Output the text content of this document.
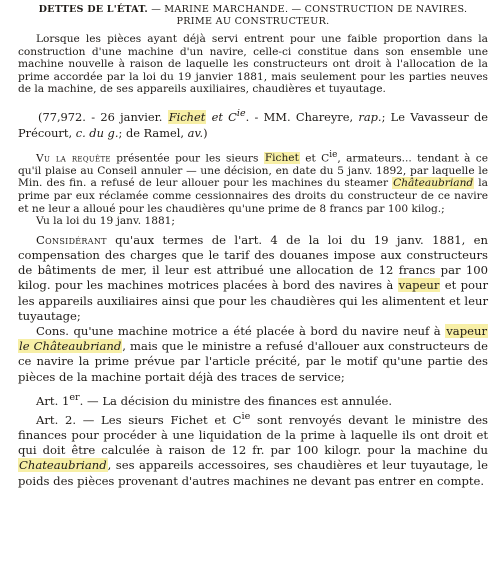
DETTES DE L'ÉTAT. — MARINE MARCHANDE. — CONSTRUCTION DE NAVIRES.
PRIME AU CONSTRUCTEUR.

Lorsque les pièces ayant déjà servi entrent pour une faible proportion dans la construction d'une machine d'un navire, celle-ci constitue dans son ensemble une machine nouvelle à raison de laquelle les constructeurs ont droit à l'allocation de la prime accordée par la loi du 19 janvier 1881, mais seulement pour les parties neuves de la machine, de ses appareils auxiliaires, chaudières et tuyautage.

(77,972. - 26 janvier. Fichet et $C^{ie}$. - MM. Chareyre, rap.; Le Vavasseur de Précourt, c. du g.; de Ramel, av.)

Vu la requête présentée pour les sieurs Fichet et $C^{ie}$, armateurs... tendant à ce qu'il plaise au Conseil annuler — une décision, en date du 5 janv. 1892, par laquelle le Min. des fin. a refusé de leur allouer pour les machines du steamer Châteaubriand la prime par eux réclamée comme cessionnaires des droits du constructeur de ce navire et ne leur a alloué pour les chaudières qu'une prime de 8 francs par 100 kilog.;

Vu la loi du 19 janv. 1881;

Considérant qu'aux termes de l'art. 4 de la loi du 19 janv. 1881, en compensation des charges que le tarif des douanes impose aux constructeurs de bâtiments de mer, il leur est attribué une allocation de 12 francs par 100 kilog. pour les machines motrices placées à bord des navires à vapeur et pour les appareils auxiliaires ainsi que pour les chaudières qui les alimentent et leur tuyautage;

Cons. qu'une machine motrice a été placée à bord du navire neuf à vapeur le Châteaubriand, mais que le ministre a refusé d'allouer aux constructeurs de ce navire la prime prévue par l'article précité, par le motif qu'une partie des pièces de la machine portait déjà des traces de service;

Art. 1er. — La décision du ministre des finances est annulée.

Art. 2. — Les sieurs Fichet et $C^{ie}$ sont renvoyés devant le ministre des finances pour procéder à une liquidation de la prime à laquelle ils ont droit et qui doit être calculée à raison de 12 fr. par 100 kilogr. pour la machine du Chateaubriand, ses appareils accessoires, ses chaudières et leur tuyautage, le poids des pièces provenant d'autres machines ne devant pas entrer en compte.
